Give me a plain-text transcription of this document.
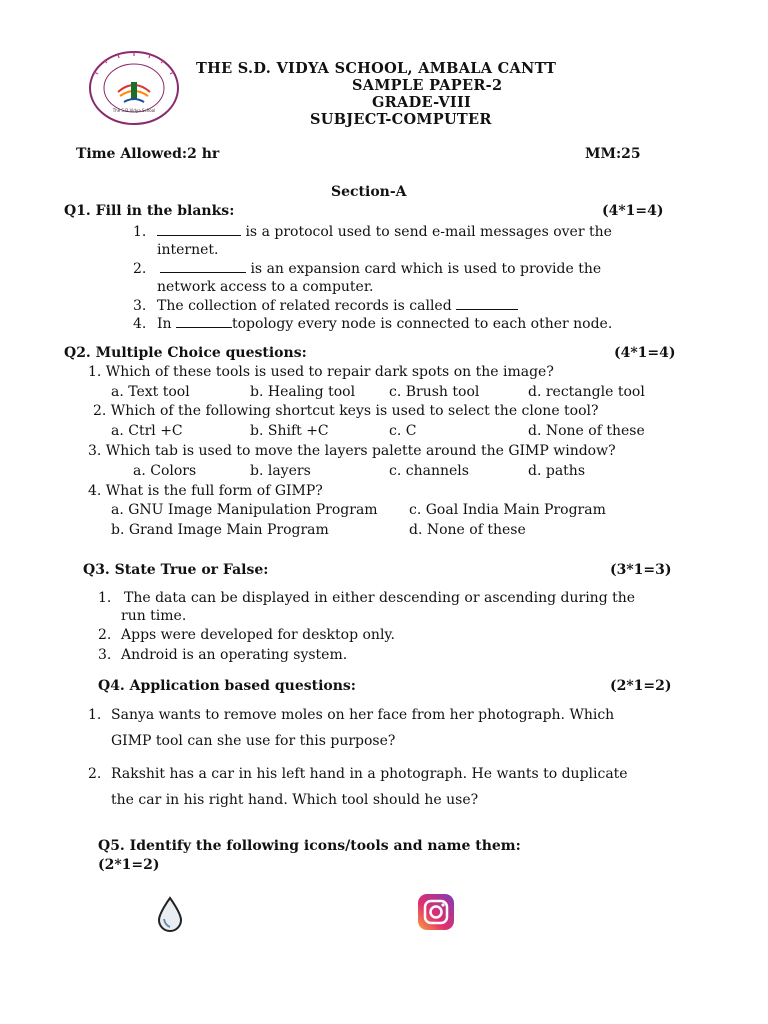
The S.D.Vidya School
THE S.D. VIDYA SCHOOL, AMBALA CANTT
SAMPLE PAPER-2
GRADE-VIII
SUBJECT-COMPUTER
Time Allowed:2 hr	MM:25
Section-A
Q1. Fill in the blanks:	(4*1=4)
1.	is a protocol used to send e-mail messages over the
internet.
2.	is an expansion card which is used to provide the
network access to a computer.
3. The collection of related records is called
4. In	topology every node is connected to each other node.
Q2. Multiple Choice questions:	(4*1=4)
1. Which of these tools is used to repair dark spots on the image?
a. Text tool	b. Healing tool c. Brush tool	d. rectangle tool
2. Which of the following shortcut keys is used to select the clone tool?
a. Ctrl +C	b. Shift +C	c. C	d. None of these
3. Which tab is used to move the layers palette around the GIMP window?
a. Colors	b. layers	c. channels	d. paths
4. What is the full form of GIMP?
a. GNU Image Manipulation Program c. Goal India Main Program
b. Grand Image Main Program	d. None of these
Q3. State True or False:	(3*1=3)
1. The data can be displayed in either descending or ascending during the
run time.
2. Apps were developed for desktop only.
3. Android is an operating system.
Q4. Application based questions:	(2*1=2)
1. Sanya wants to remove moles on her face from her photograph. Which
GIMP tool can she use for this purpose?
2. Rakshit has a car in his left hand in a photograph. He wants to duplicate
the car in his right hand. Which tool should he use?
Q5. Identify the following icons/tools and name them:
(2*1=2)
